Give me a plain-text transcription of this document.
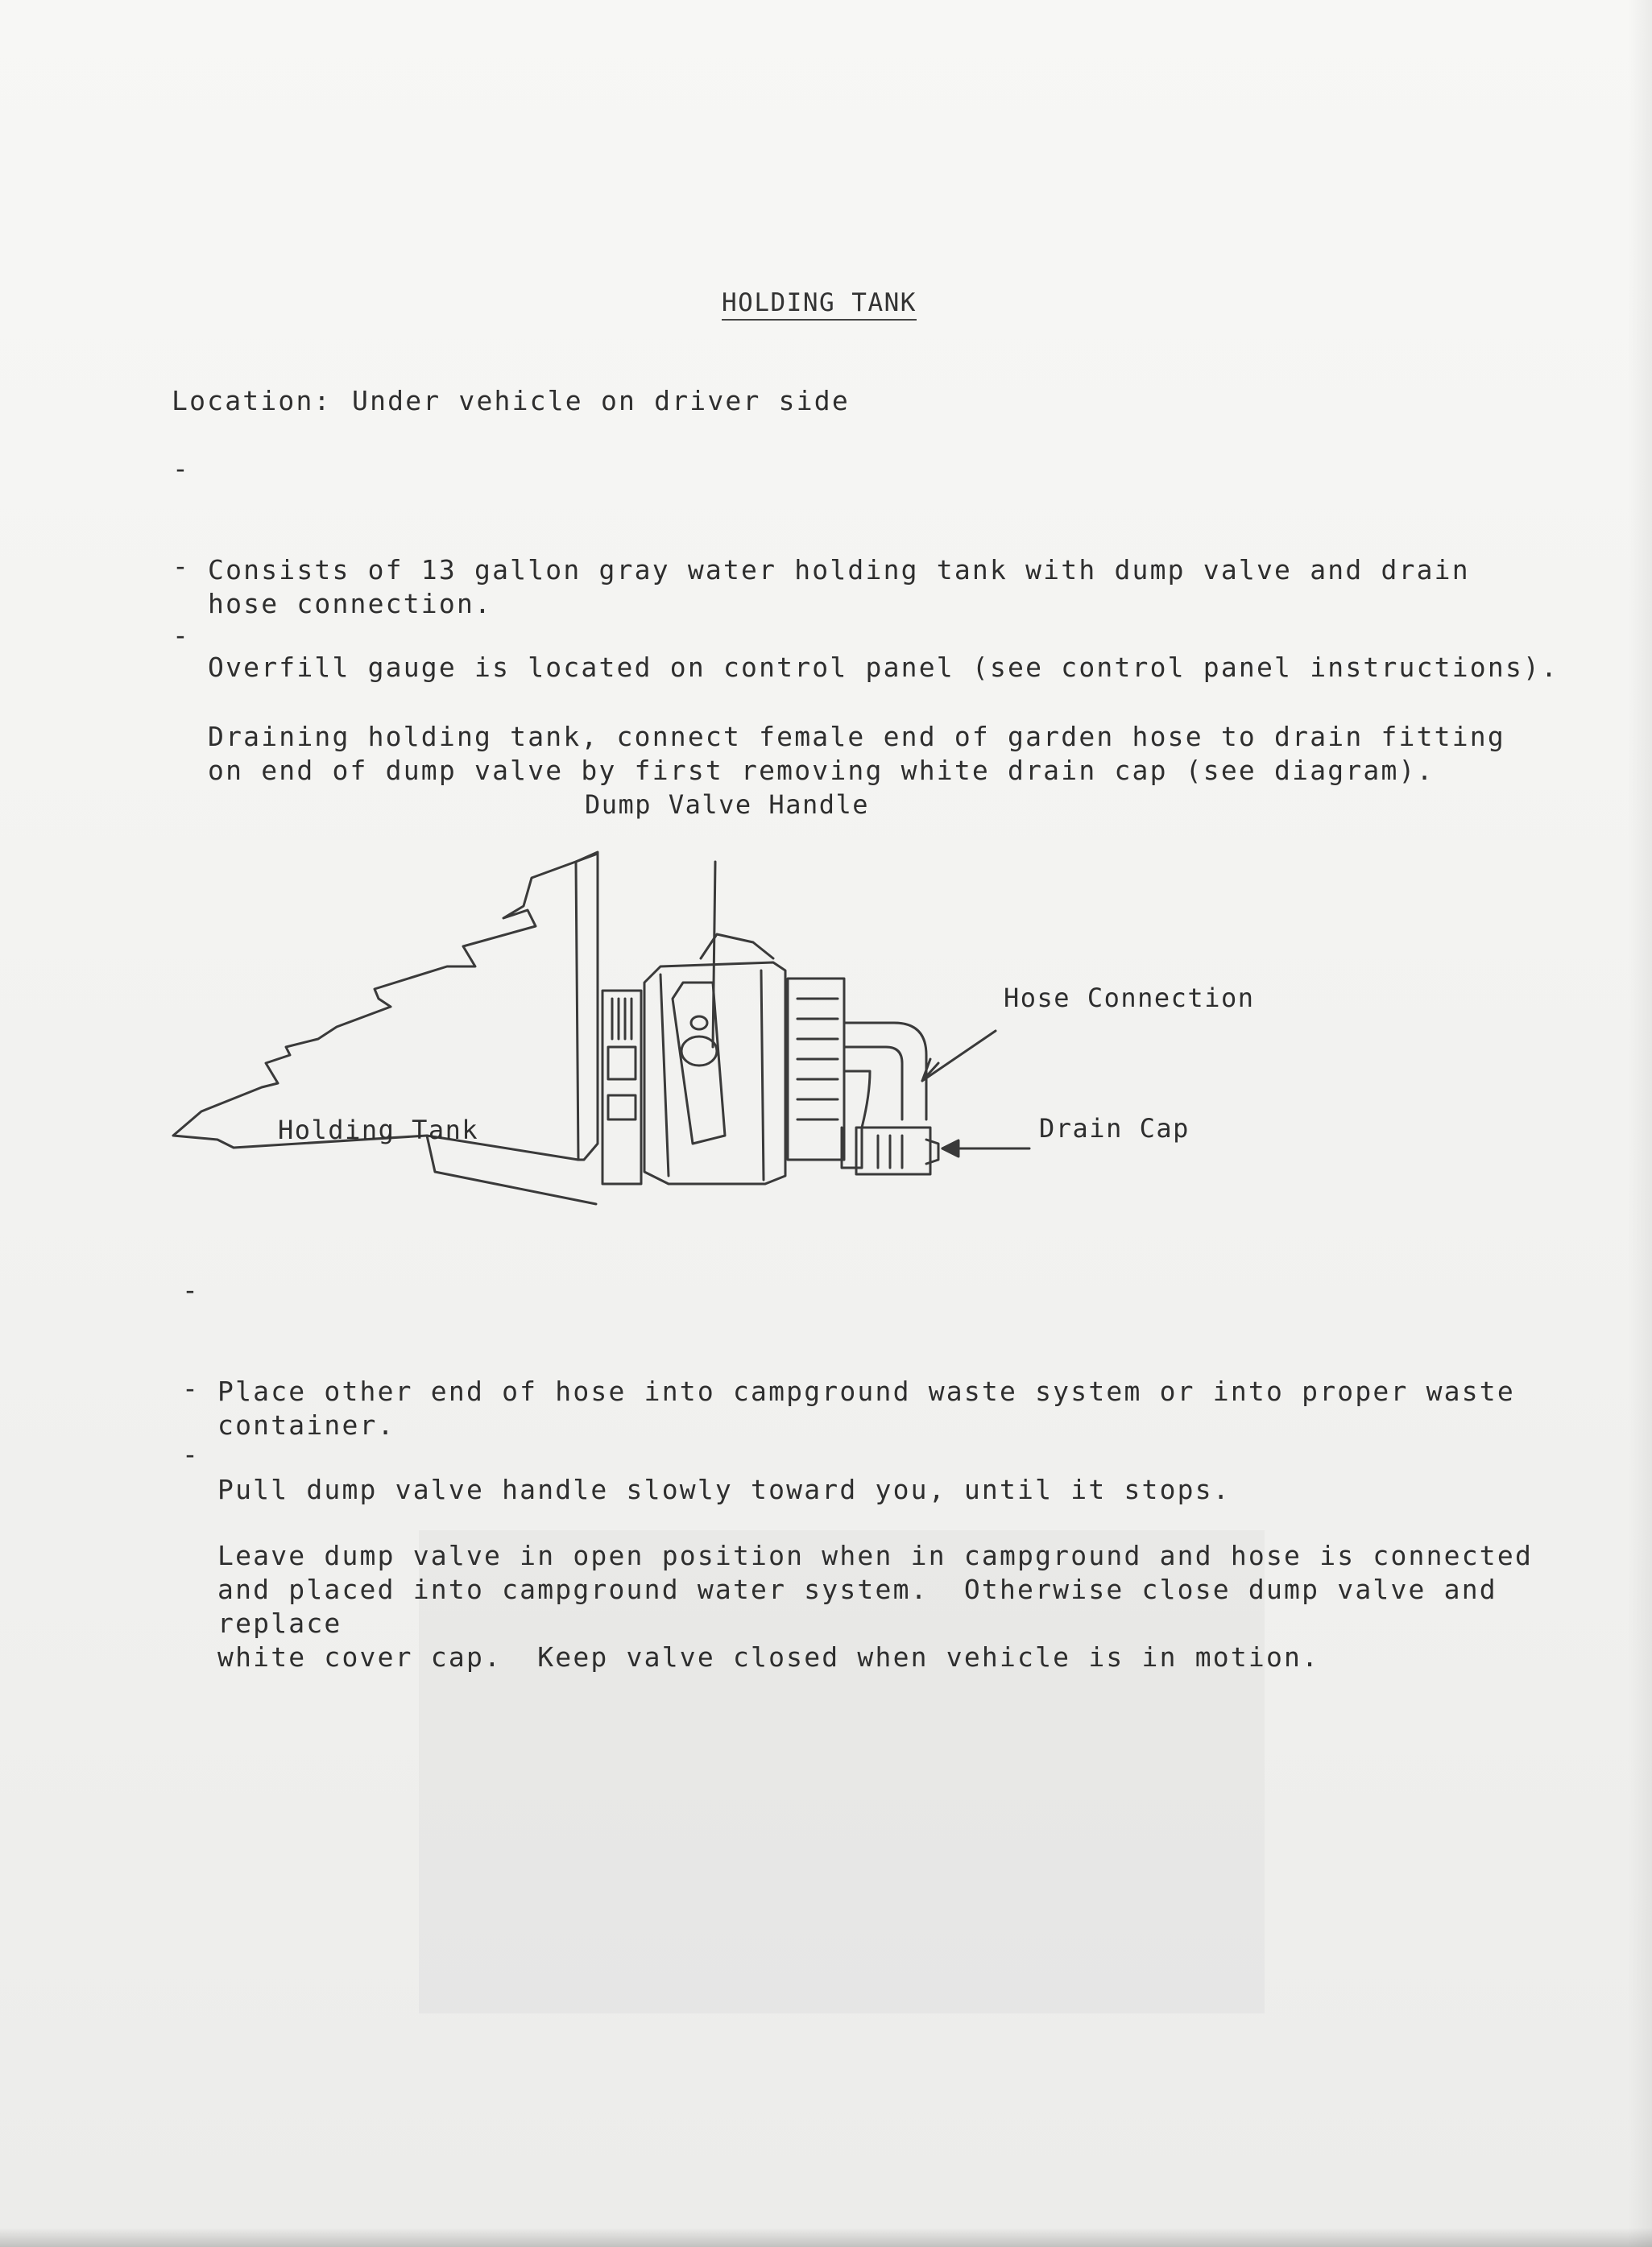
HOLDING TANK
Location: Under vehicle on driver side

-

Consists of 13 gallon gray water holding tank with dump valve and drain
hose connection.

-

Overfill gauge is located on control panel (see control panel instructions).

-

Draining holding tank, connect female end of garden hose to drain fitting
on end of dump valve by first removing white drain cap (see diagram).

Dump Valve Handle
Hose Connection
Holding Tank	Drain Cap

-

Place other end of hose into campground waste system or into proper waste
container.

-

Pull dump valve handle slowly toward you, until it stops.

-

Leave dump valve in open position when in campground and hose is connected
and placed into campground water system.  Otherwise close dump valve and replace
white cover cap.  Keep valve closed when vehicle is in motion.
